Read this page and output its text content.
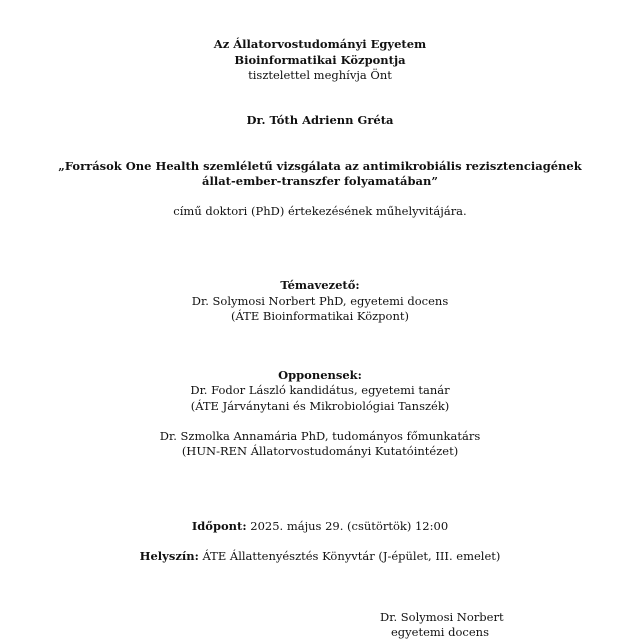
Az Állatorvostudományi Egyetem
Bioinformatikai Központja
tisztelettel meghívja Önt
Dr. Tóth Adrienn Gréta
„Források One Health szemléletű vizsgálata az antimikrobiális rezisztenciagének
állat-ember-transzfer folyamatában”
című doktori (PhD) értekezésének műhelyvitájára.
Témavezető:
Dr. Solymosi Norbert PhD, egyetemi docens
(ÁTE Bioinformatikai Központ)
Opponensek:
Dr. Fodor László kandidátus, egyetemi tanár
(ÁTE Járványtani és Mikrobiológiai Tanszék)
Dr. Szmolka Annamária PhD, tudományos főmunkatárs
(HUN-REN Állatorvostudományi Kutatóintézet)
Időpont: 2025. május 29. (csütörtök) 12:00
Helyszín: ÁTE Állattenyésztés Könyvtár (J-épület, III. emelet)
Dr. Solymosi Norbert
egyetemi docens
